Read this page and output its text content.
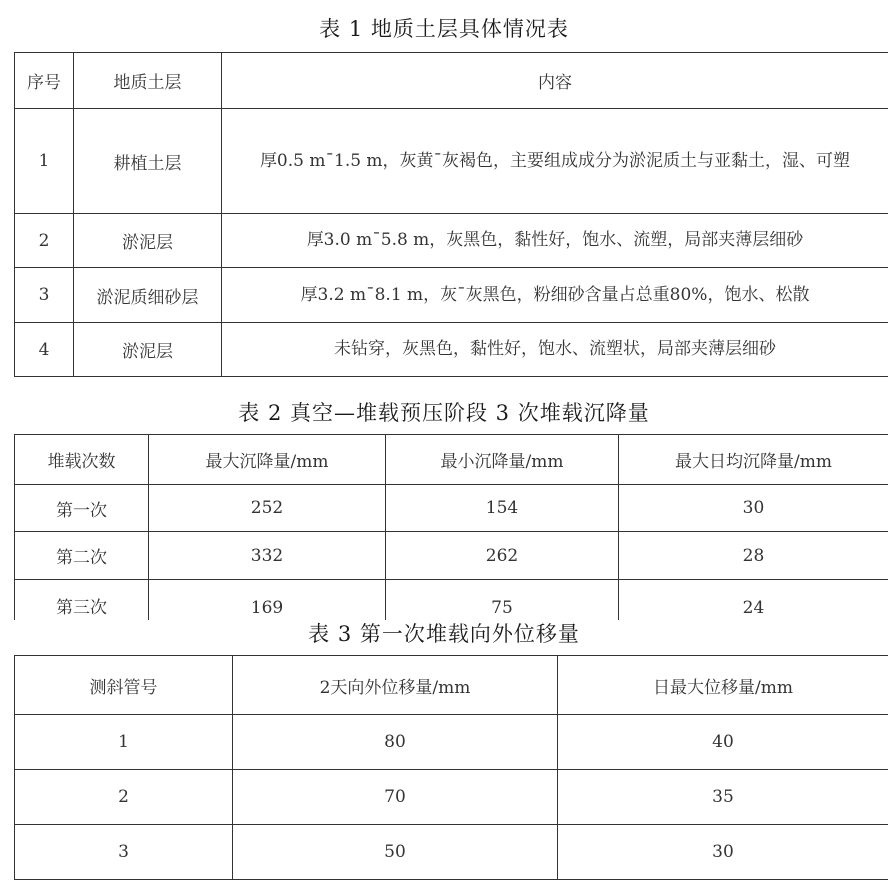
表 1 地质土层具体情况表
序号	地质土层	内容
1	耕植土层	厚0.5 m¯1.5 m，灰黄¯灰褐色，主要组成成分为淤泥质土与亚黏土，湿、可塑
2	淤泥层	厚3.0 m¯5.8 m，灰黑色，黏性好，饱水、流塑，局部夹薄层细砂
3	淤泥质细砂层	厚3.2 m¯8.1 m，灰¯灰黑色，粉细砂含量占总重80%，饱水、松散
4	淤泥层	未钻穿，灰黑色，黏性好，饱水、流塑状，局部夹薄层细砂
表 2 真空—堆载预压阶段 3 次堆载沉降量
堆载次数	最大沉降量/mm	最小沉降量/mm	最大日均沉降量/mm
第一次	252	154	30
第二次	332	262	28
第三次	169	75	24
表 3 第一次堆载向外位移量
测斜管号	2天向外位移量/mm	日最大位移量/mm
1	80	40
2	70	35
3	50	30
